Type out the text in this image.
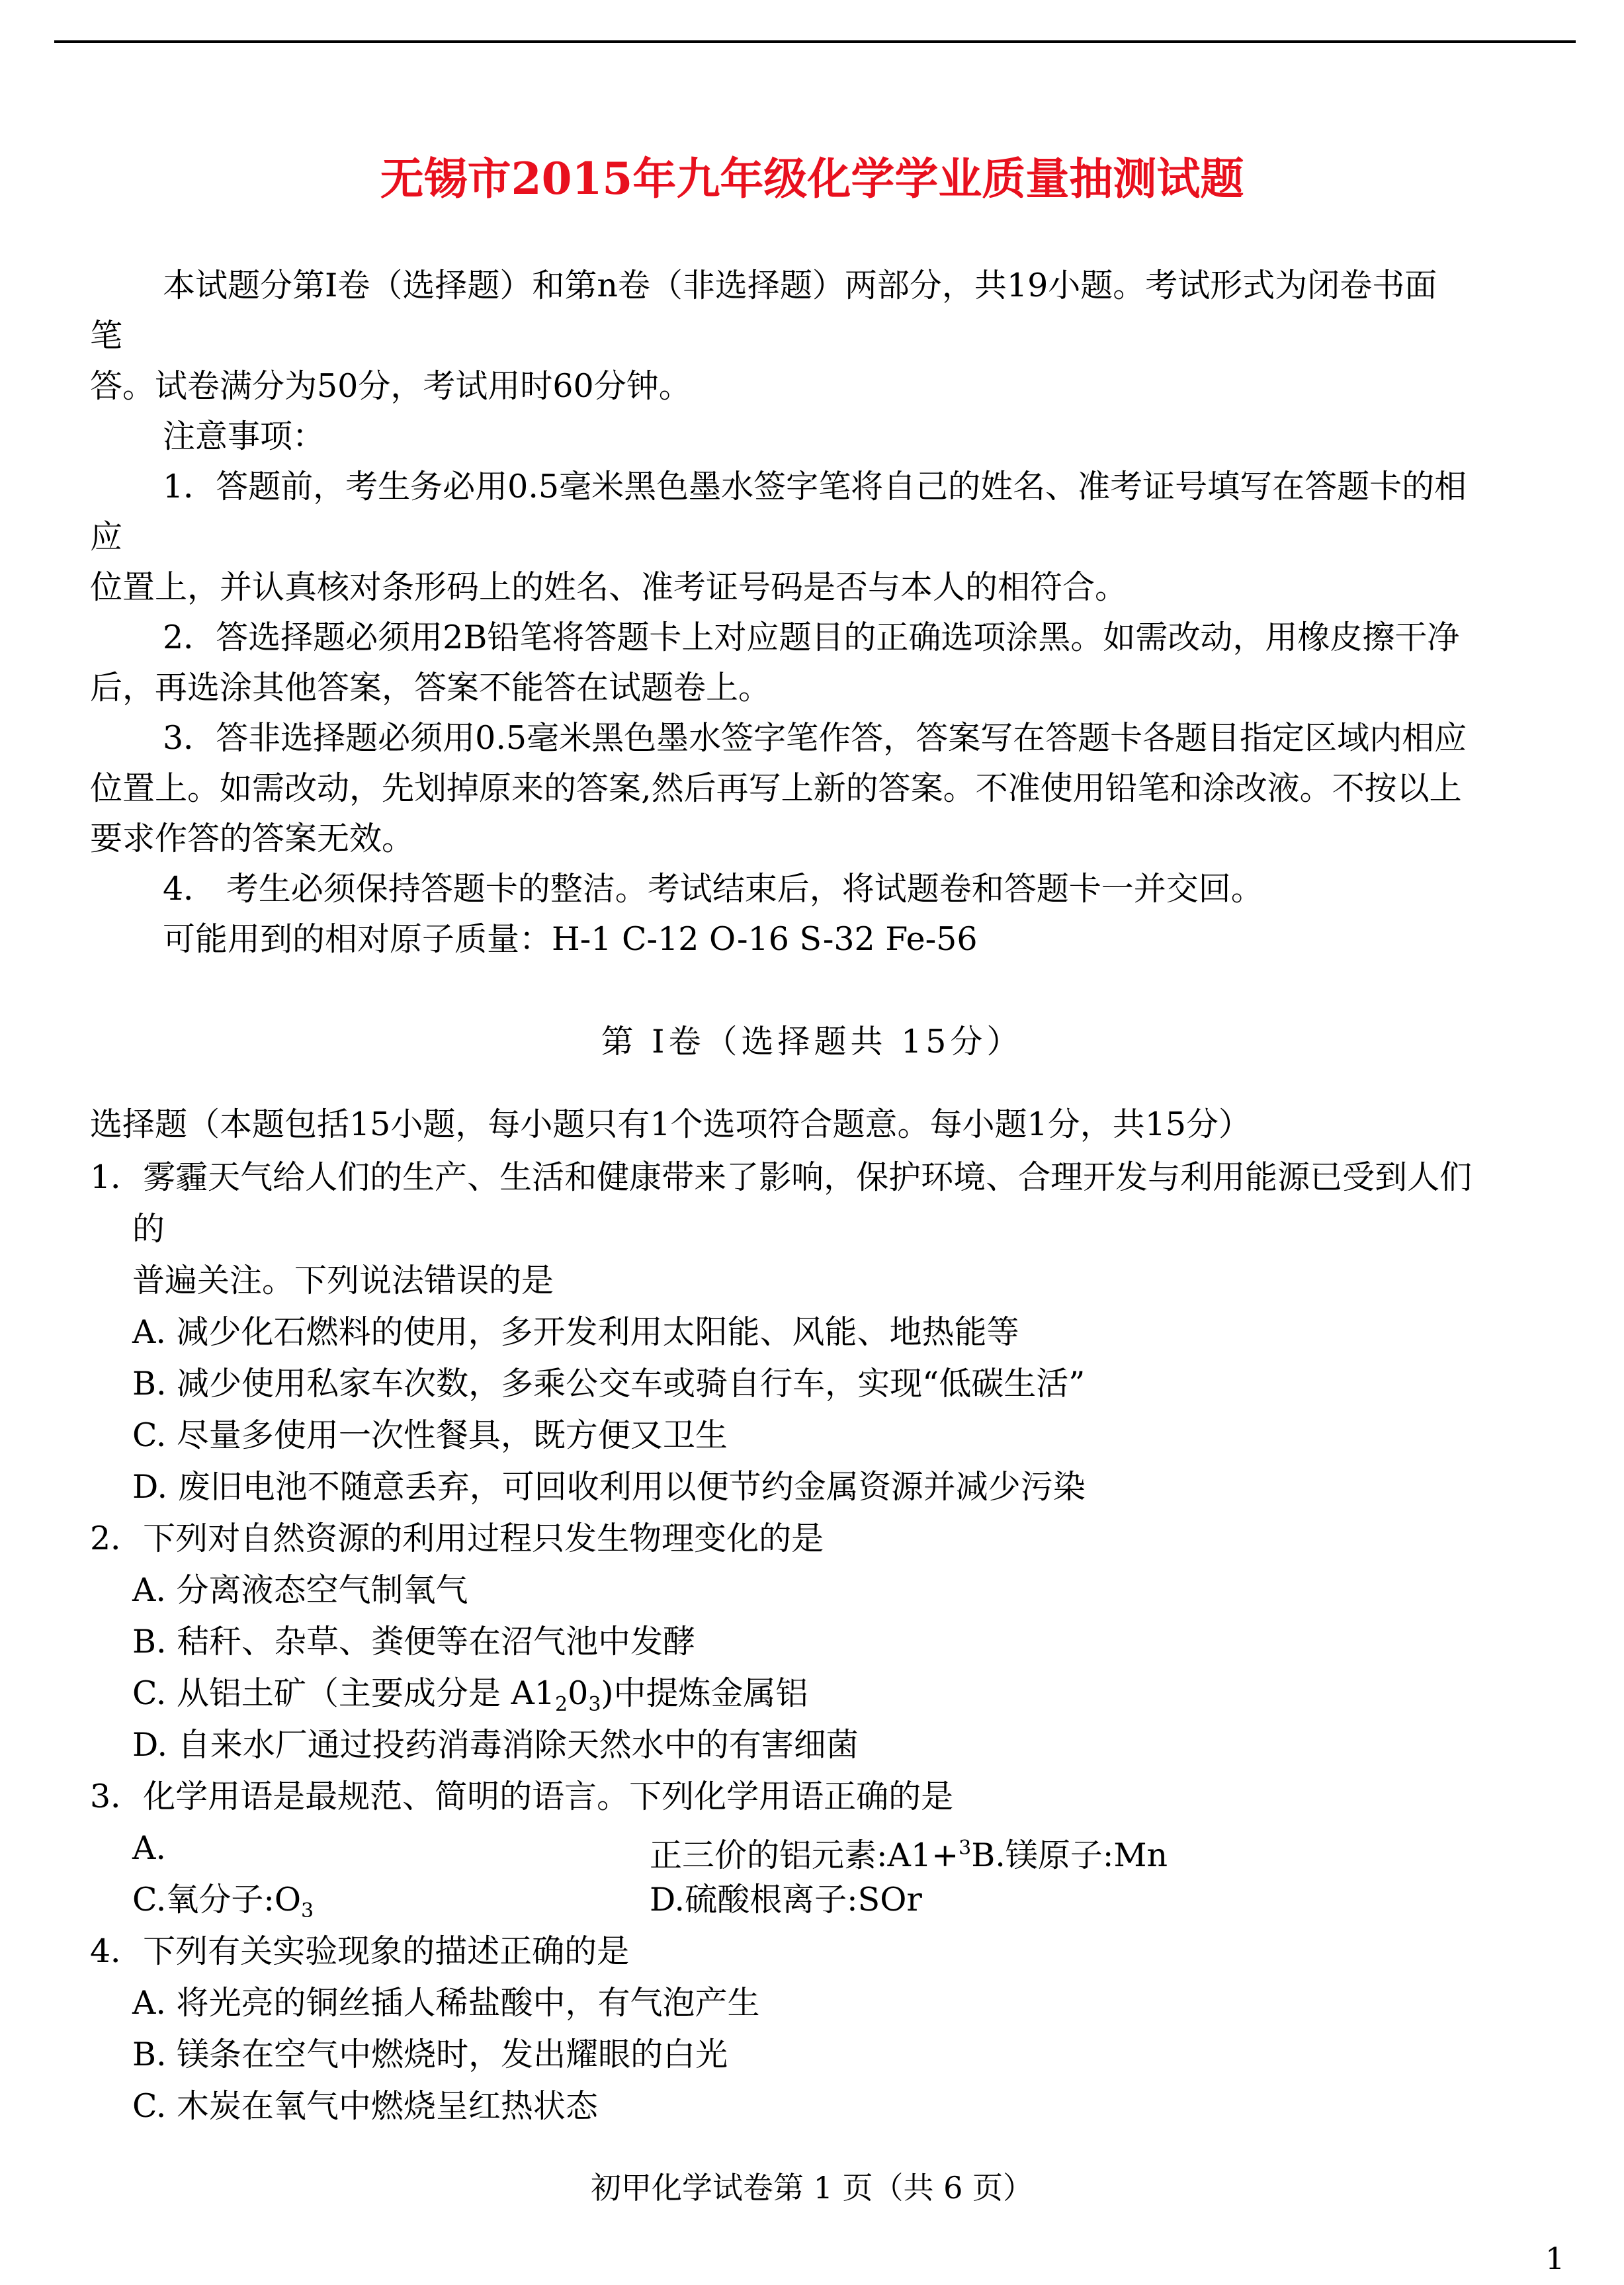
无锡市2015年九年级化学学业质量抽测试题
本试题分第Ⅰ卷（选择题）和第n卷（非选择题）两部分，共19小题。考试形式为闭卷书面
笔
答。试卷满分为50分，考试用时60分钟。
注意事项：
1．答题前，考生务必用0.5毫米黑色墨水签字笔将自己的姓名、准考证号填写在答题卡的相
应
位置上，并认真核对条形码上的姓名、准考证号码是否与本人的相符合。
2．答选择题必须用2B铅笔将答题卡上对应题目的正确选项涂黑。如需改动，用橡皮擦干净
后，再选涂其他答案，答案不能答在试题卷上。
3．答非选择题必须用0.5毫米黑色墨水签字笔作答，答案写在答题卡各题目指定区域内相应
位置上。如需改动，先划掉原来的答案,然后再写上新的答案。不准使用铅笔和涂改液。不按以上
要求作答的答案无效。
4． 考生必须保持答题卡的整洁。考试结束后，将试题卷和答题卡一并交回。
可能用到的相对原子质量：H-1 C-12 O-16 S-32 Fe-56
第 I卷（选择题共 15分）
选择题（本题包括15小题，每小题只有1个选项符合题意。每小题1分，共15分）
1．雾霾天气给人们的生产、生活和健康带来了影响，保护环境、合理开发与利用能源已受到人们
的
普遍关注。下列说法错误的是
A. 减少化石燃料的使用，多开发利用太阳能、风能、地热能等
B. 减少使用私家车次数，多乘公交车或骑自行车，实现“低碳生活”
C. 尽量多使用一次性餐具，既方便又卫生
D. 废旧电池不随意丢弃，可回收利用以便节约金属资源并减少污染
2．下列对自然资源的利用过程只发生物理变化的是
A. 分离液态空气制氧气
B. 秸秆、杂草、粪便等在沼气池中发酵
C. 从铝土矿（主要成分是 $A1_20_3$)中提炼金属铝
D. 自来水厂通过投药消毒消除天然水中的有害细菌
3．化学用语是最规范、简明的语言。下列化学用语正确的是
A.	正三价的铝元素:A1+$^3$B.镁原子:Mn
C.氧分子$:O_3$	D.硫酸根离子:SOr
4．下列有关实验现象的描述正确的是
A. 将光亮的铜丝插人稀盐酸中，有气泡产生
B. 镁条在空气中燃烧时，发出耀眼的白光
C. 木炭在氧气中燃烧呈红热状态
初甲化学试卷第 1 页（共 6 页）
1
